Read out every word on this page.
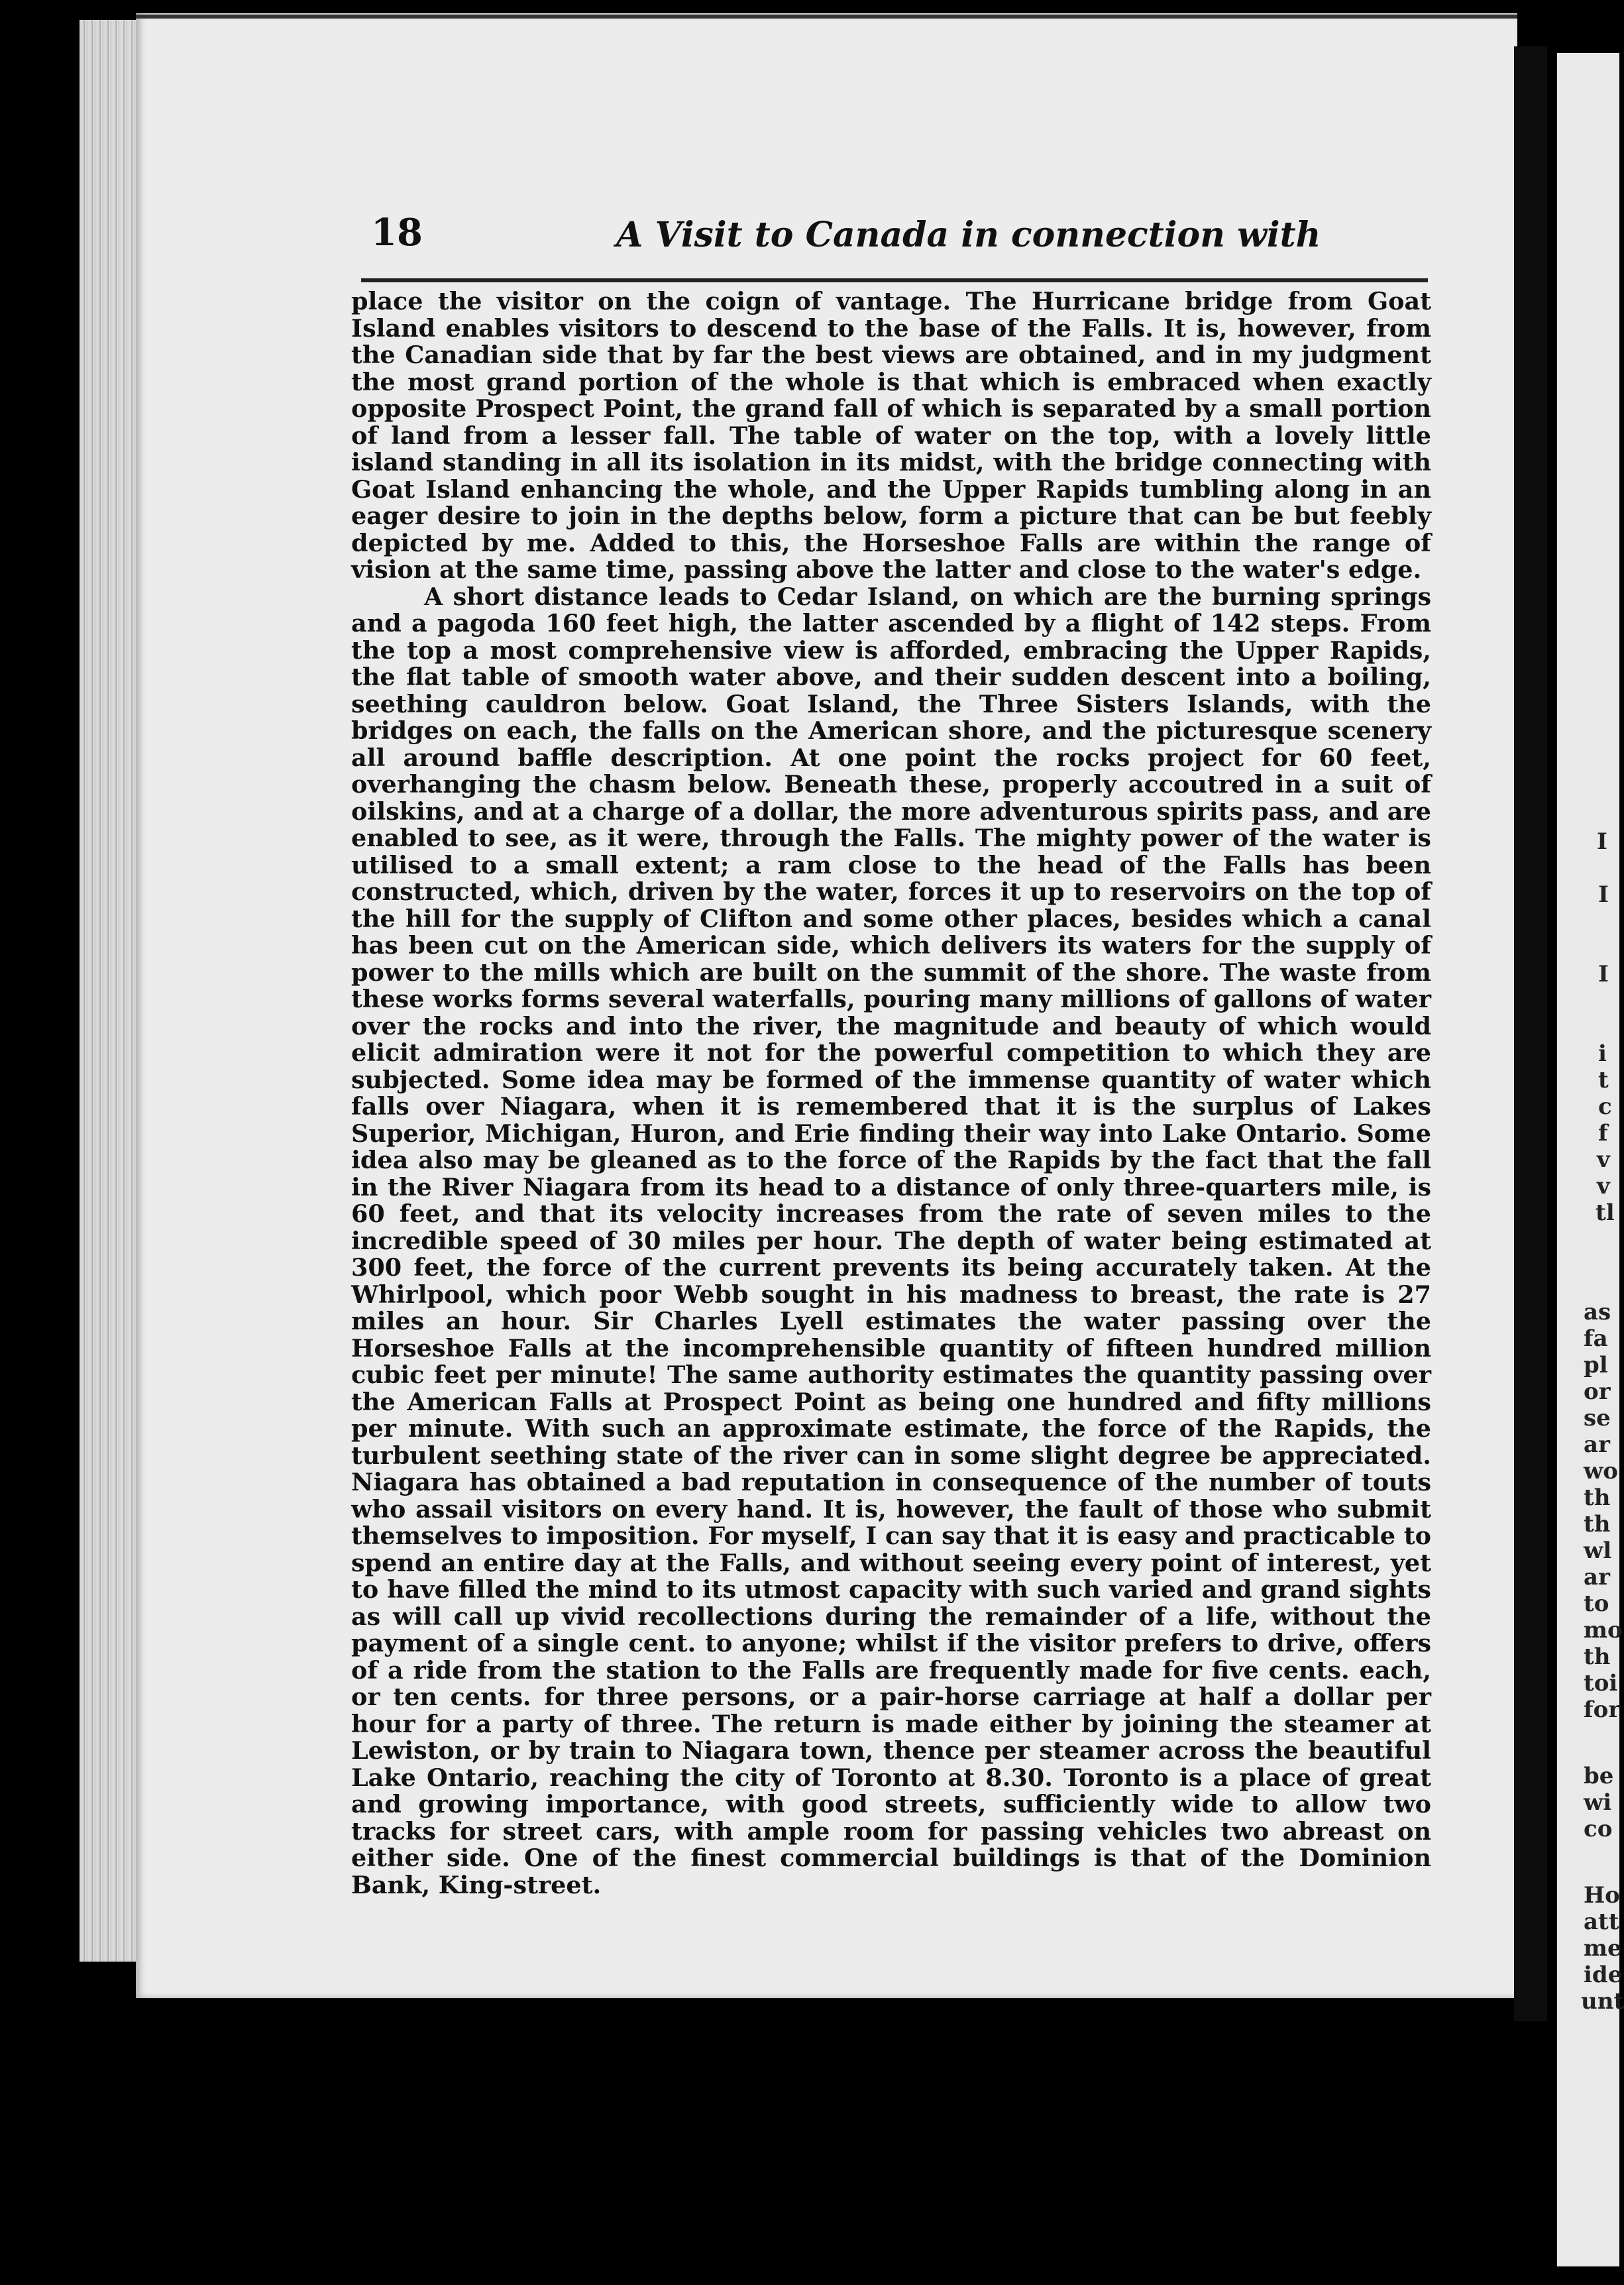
I
I
I
i
t
c
f
v
v
tl
as
fa
pl
or
se
ar
wo
th
th
wl
ar
to
mo
th
toi
for
be
wi
co
Ho
att
me
ide
unt
18	A Visit to Canada in connection with

place the visitor on the coign of vantage. The Hurricane bridge from Goat Island enables visitors to descend to the base of the Falls. It is, however, from the Canadian side that by far the best views are obtained, and in my judgment the most grand portion of the whole is that which is embraced when exactly opposite Prospect Point, the grand fall of which is separated by a small portion of land from a lesser fall. The table of water on the top, with a lovely little island standing in all its isolation in its midst, with the bridge connecting with Goat Island enhancing the whole, and the Upper Rapids tumbling along in an eager desire to join in the depths below, form a picture that can be but feebly depicted by me. Added to this, the Horseshoe Falls are within the range of vision at the same time, passing above the latter and close to the water's edge.

A short distance leads to Cedar Island, on which are the burning springs and a pagoda 160 feet high, the latter ascended by a flight of 142 steps. From the top a most comprehensive view is afforded, embracing the Upper Rapids, the flat table of smooth water above, and their sudden descent into a boiling, seething cauldron below. Goat Island, the Three Sisters Islands, with the bridges on each, the falls on the American shore, and the picturesque scenery all around baffle description. At one point the rocks project for 60 feet, overhanging the chasm below. Beneath these, properly accoutred in a suit of oilskins, and at a charge of a dollar, the more adventurous spirits pass, and are enabled to see, as it were, through the Falls. The mighty power of the water is utilised to a small extent; a ram close to the head of the Falls has been constructed, which, driven by the water, forces it up to reservoirs on the top of the hill for the supply of Clifton and some other places, besides which a canal has been cut on the American side, which delivers its waters for the supply of power to the mills which are built on the summit of the shore. The waste from these works forms several waterfalls, pouring many millions of gallons of water over the rocks and into the river, the magnitude and beauty of which would elicit admiration were it not for the powerful competition to which they are subjected. Some idea may be formed of the immense quantity of water which falls over Niagara, when it is remembered that it is the surplus of Lakes Superior, Michigan, Huron, and Erie finding their way into Lake Ontario. Some idea also may be gleaned as to the force of the Rapids by the fact that the fall in the River Niagara from its head to a distance of only three-quarters mile, is 60 feet, and that its velocity increases from the rate of seven miles to the incredible speed of 30 miles per hour. The depth of water being estimated at 300 feet, the force of the current prevents its being accurately taken. At the Whirlpool, which poor Webb sought in his madness to breast, the rate is 27 miles an hour. Sir Charles Lyell estimates the water passing over the Horseshoe Falls at the incomprehensible quantity of fifteen hundred million cubic feet per minute! The same authority estimates the quantity passing over the American Falls at Prospect Point as being one hundred and fifty millions per minute. With such an approximate estimate, the force of the Rapids, the turbulent seething state of the river can in some slight degree be appreciated. Niagara has obtained a bad reputation in consequence of the number of touts who assail visitors on every hand. It is, however, the fault of those who submit themselves to imposition. For myself, I can say that it is easy and practicable to spend an entire day at the Falls, and without seeing every point of interest, yet to have filled the mind to its utmost capacity with such varied and grand sights as will call up vivid recollections during the remainder of a life, without the payment of a single cent. to anyone; whilst if the visitor prefers to drive, offers of a ride from the station to the Falls are frequently made for five cents. each, or ten cents. for three persons, or a pair-horse carriage at half a dollar per hour for a party of three. The return is made either by joining the steamer at Lewiston, or by train to Niagara town, thence per steamer across the beautiful Lake Ontario, reaching the city of Toronto at 8.30. Toronto is a place of great and growing importance, with good streets, sufficiently wide to allow two tracks for street cars, with ample room for passing vehicles two abreast on either side. One of the finest commercial buildings is that of the Dominion Bank, King-street.
